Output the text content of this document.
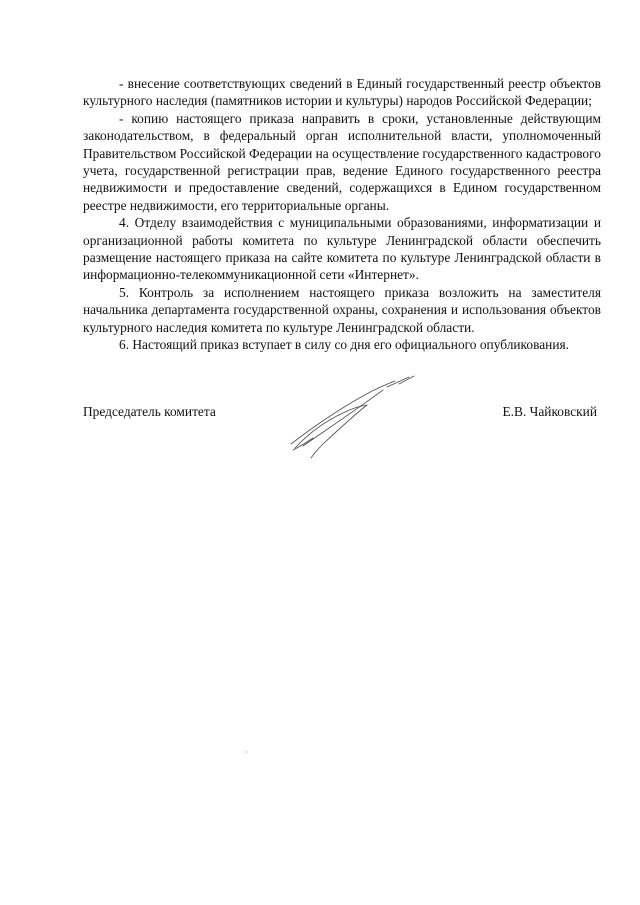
- внесение соответствующих сведений в Единый государственный реестр объектов культурного наследия (памятников истории и культуры) народов Российской Федерации;

- копию настоящего приказа направить в сроки, установленные действующим законодательством, в федеральный орган исполнительной власти, уполномоченный Правительством Российской Федерации на осуществление государственного кадастрового учета, государственной регистрации прав, ведение Единого государственного реестра недвижимости и предоставление сведений, содержащихся в Едином государственном реестре недвижимости, его территориальные органы.

4. Отделу взаимодействия с муниципальными образованиями, информатизации и организационной работы комитета по культуре Ленинградской области обеспечить размещение настоящего приказа на сайте комитета по культуре Ленинградской области в информационно-телекоммуникационной сети «Интернет».

5. Контроль за исполнением настоящего приказа возложить на заместителя начальника департамента государственной охраны, сохранения и использования объектов культурного наследия комитета по культуре Ленинградской области.

6. Настоящий приказ вступает в силу со дня его официального опубликования.

Председатель комитета	Е.В. Чайковский
